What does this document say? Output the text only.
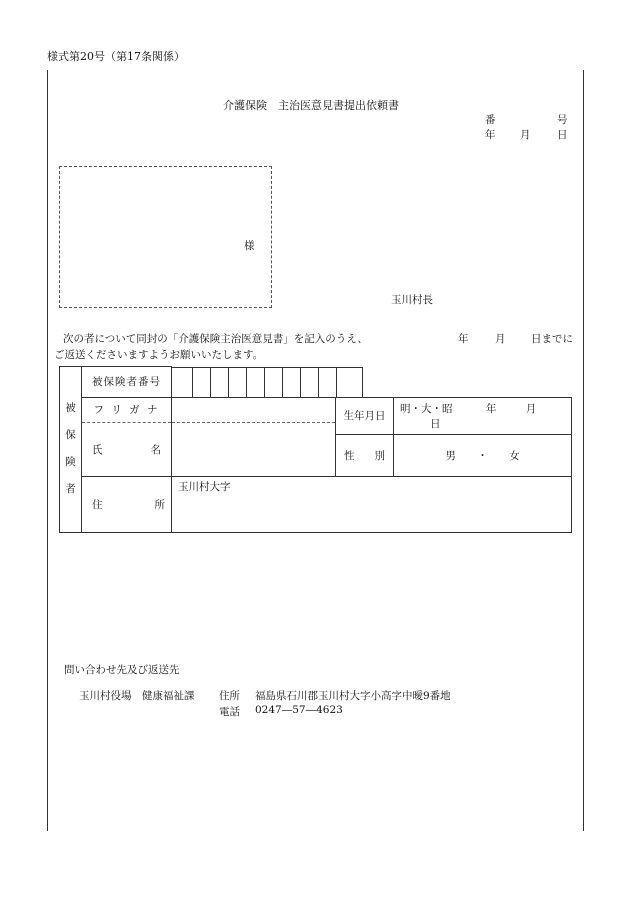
様式第20号（第17条関係）
介護保険　主治医意見書提出依頼書
番	号
年 月	日
様
玉川村長
次の者について同封の「介護保険主治医意見書」を記入のうえ、	年	月 日までに
ご返送くださいますようお願いいたします。
被
保
険
者	被保険者番号			

	フ リ ガ ナ		生年月日	明・大・昭 年 月 日

	氏 名			

			性 別	男 ・ 女

	住 所	玉川村大字		
問い合わせ先及び返送先
玉川村役場　健康福祉課 住所 福島県石川郡玉川村大字小高字中曖9番地
電話 0247―57―4623
